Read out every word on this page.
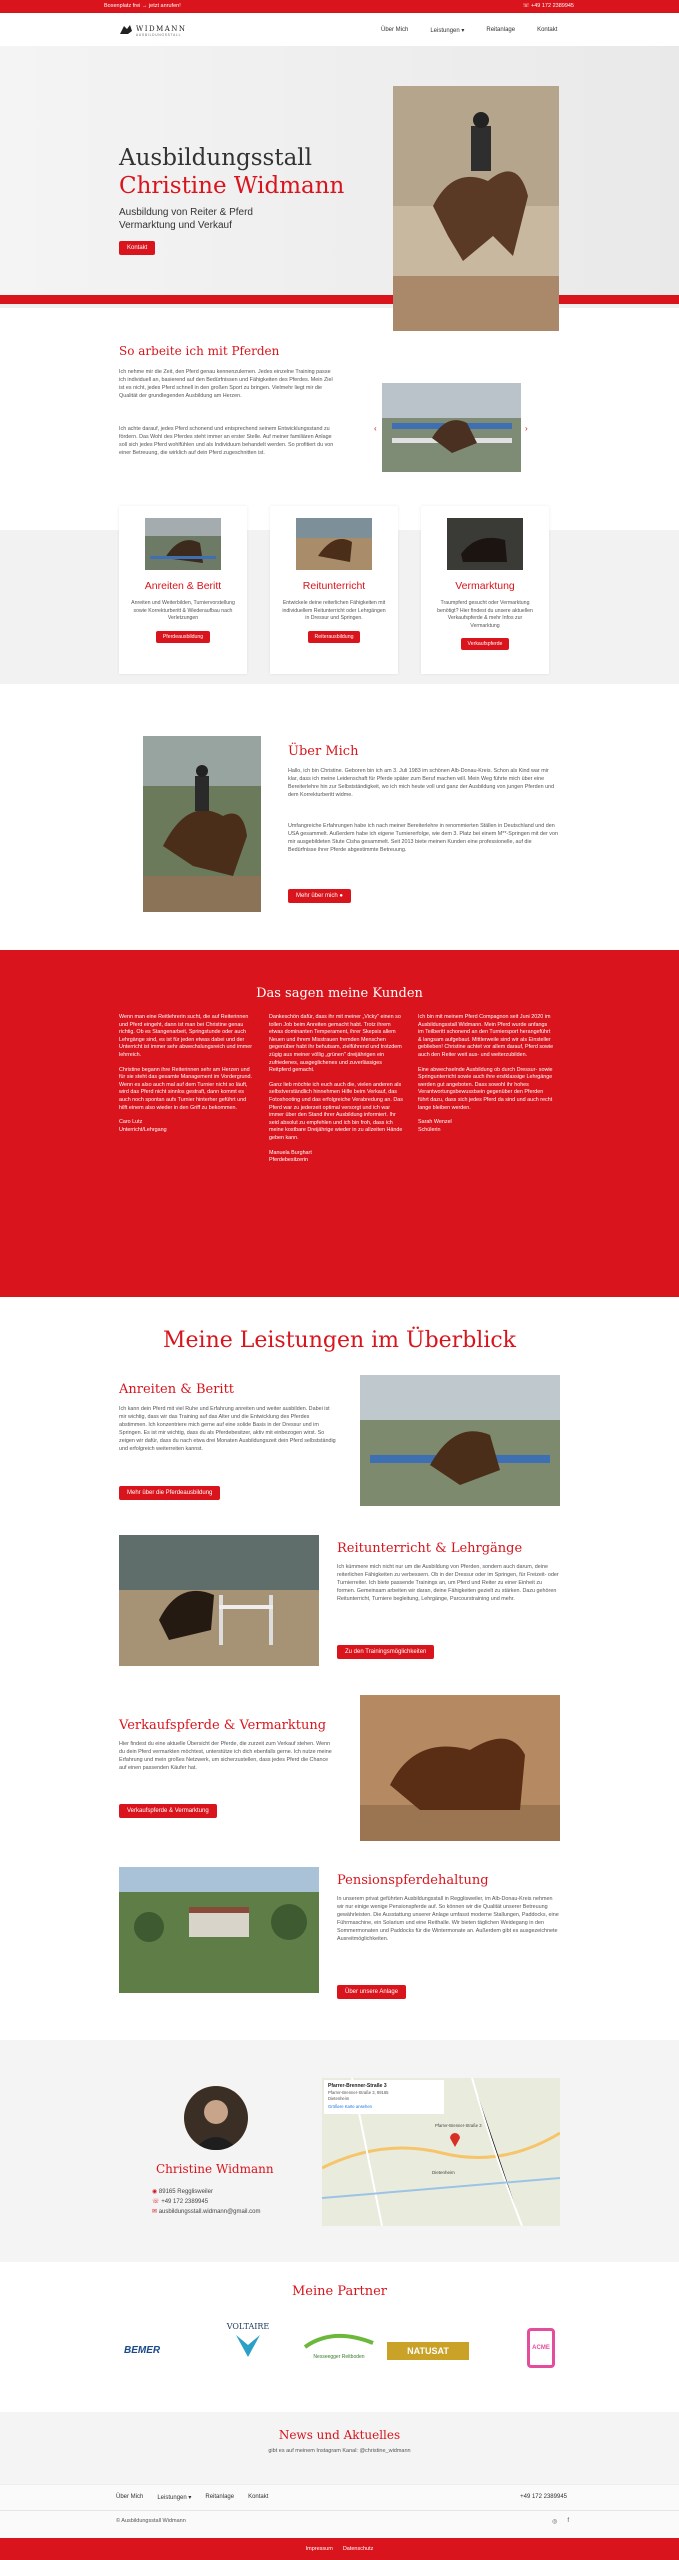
Boxenplatz frei → jetzt anrufen!	☏ +49 172 2389945
WIDMANN
AUSBILDUNGSSTALL
Über Mich	Leistungen ▾	Reitanlage	Kontakt
Ausbildungsstall
Christine Widmann
Ausbildung von Reiter & Pferd
Vermarktung und Verkauf
Kontakt
So arbeite ich mit Pferden

Ich nehme mir die Zeit, den Pferd genau kennenzulernen. Jedes einzelne Training passe ich individuell an, basierend auf den Bedürfnissen und Fähigkeiten des Pferdes. Mein Ziel ist es nicht, jedes Pferd schnell in den großen Sport zu bringen. Vielmehr liegt mir die Qualität der grundlegenden Ausbildung am Herzen.

Ich achte darauf, jedes Pferd schonend und entsprechend seinem Entwicklungsstand zu fördern. Das Wohl des Pferdes steht immer an erster Stelle. Auf meiner familiären Anlage soll sich jedes Pferd wohlfühlen und als Individuum behandelt werden. So profitiert du von einer Betreuung, die wirklich auf dein Pferd zugeschnitten ist.

‹	›
Anreiten & Beritt
Anreiten und Weiterbilden, Turniervorstellung sowie Korrekturberitt & Wiederaufbau nach Verletzungen
Pferdeausbildung
Reitunterricht
Entwickele deine reiterlichen Fähigkeiten mit individuellem Reitunterricht oder Lehrgängen in Dressur und Springen.
Reiterausbildung
Vermarktung
Traumpferd gesucht oder Vermarktung benötigt? Hier findest du unsere aktuellen Verkaufspferde & mehr Infos zur Vermarktung
Verkaufspferde
Über Mich

Hallo, ich bin Christine. Geboren bin ich am 3. Juli 1983 im schönen Alb-Donau-Kreis. Schon als Kind war mir klar, dass ich meine Leidenschaft für Pferde später zum Beruf machen will. Mein Weg führte mich über eine Bereiterlehre hin zur Selbstständigkeit, wo ich mich heute voll und ganz der Ausbildung von jungen Pferden und dem Korrekturberitt widme.

Umfangreiche Erfahrungen habe ich nach meiner Bereiterlehre in renommierten Ställen in Deutschland und den USA gesammelt. Außerdem habe ich eigene Turniererfolge, wie dem 3. Platz bei einem M**-Springen mit der von mir ausgebildeten Stute Cisha gesammelt. Seit 2013 biete meinen Kunden eine professionelle, auf die Bedürfnisse ihrer Pferde abgestimmte Betreuung.

Mehr über mich ●
Das sagen meine Kunden

Wenn man eine Reitlehrerin sucht, die auf Reiterinnen und Pferd eingeht, dann ist man bei Christine genau richtig. Ob es Stangenarbeit, Springstunde oder auch Lehrgänge sind, es ist für jeden etwas dabei und der Unterricht ist immer sehr abwechslungsreich und immer lehrreich.

Christine begann ihre Reiterinnen sehr am Herzen und für sie steht das gesamte Management im Vordergrund. Wenn es also auch mal auf dem Turnier nicht so läuft, wird das Pferd nicht sinnlos gestraft, dann kommt es auch noch spontan aufs Turnier hinterher geführt und hilft einem also wieder in den Griff zu bekommen.

Caro Lutz
Unterricht/Lehrgang

Dankeschön dafür, dass ihr mit meiner „Vicky" einen so tollen Job beim Anreiten gemacht habt. Trotz ihrem etwas dominanten Temperament, ihrer Skepsis allem Neuen und ihrem Misstrauen fremden Menschen gegenüber habt ihr behutsam, zielführend und trotzdem zügig aus meiner völlig „grünen" dreijährigen ein zufriedenes, ausgeglichenes und zuverlässiges Reitpferd gemacht.

Ganz lieb möchte ich euch auch die, vielen anderen als selbstverständlich hinnehmen Hilfe beim Verkauf, das Fotoshooting und das erfolgreiche Verabredung an. Das Pferd war zu jederzeit optimal versorgt und ich war immer über den Stand ihrer Ausbildung informiert. Ihr seid absolut zu empfehlen und ich bin froh, dass ich meine kostbare Dreijährige wieder in zu allzeiten Hände geben kann.

Manuela Burghart
Pferdebesitzerin

Ich bin mit meinem Pferd Compagnon seit Juni 2020 im Ausbildungsstall Widmann. Mein Pferd wurde anfangs im Teilberitt schonend an den Turniersport herangeführt & langsam aufgebaut. Mittlerweile sind wir als Einsteller geblieben! Christine achtet vor allem darauf, Pferd sowie auch den Reiter weit aus- und weiterzubilden.

Eine abwechselnde Ausbildung ob durch Dressur- sowie Springunterricht sowie auch ihre erstklassige Lehrgänge werden gut angeboten. Dass sowohl ihr hohes Verantwortungsbewusstsein gegenüber den Pferden führt dazu, dass sich jedes Pferd da sind und auch recht lange bleiben werden.

Sarah Wenzel
Schülerin
Meine Leistungen im Überblick
Anreiten & Beritt

Ich kann dein Pferd mit viel Ruhe und Erfahrung anreiten und weiter ausbilden. Dabei ist mir wichtig, dass wir das Training auf das Alter und die Entwicklung des Pferdes abstimmen. Ich konzentriere mich gerne auf eine solide Basis in der Dressur und im Springen. Es ist mir wichtig, dass du als Pferdebesitzer, aktiv mit einbezogen wirst. So zeigen wir dafür, dass du nach etwa drei Monaten Ausbildungszeit dein Pferd selbstständig und erfolgreich weiterreiten kannst.

Mehr über die Pferdeausbildung
Reitunterricht & Lehrgänge

Ich kümmere mich nicht nur um die Ausbildung von Pferden, sondern auch darum, deine reiterlichen Fähigkeiten zu verbessern. Ob in der Dressur oder im Springen, für Freizeit- oder Turnierreiter. Ich biete passende Trainings an, um Pferd und Reiter zu einer Einheit zu formen. Gemeinsam arbeiten wir daran, deine Fähigkeiten gezielt zu stärken. Dazu gehören Reitunterricht, Turniere begleitung, Lehrgänge, Parcourstraining und mehr.

Zu den Trainingsmöglichkeiten
Verkaufspferde & Vermarktung

Hier findest du eine aktuelle Übersicht der Pferde, die zurzeit zum Verkauf stehen. Wenn du dein Pferd vermarkten möchtest, unterstütze ich dich ebenfalls gerne. Ich nutze meine Erfahrung und mein großes Netzwerk, um sicherzustellen, dass jedes Pferd die Chance auf einen passenden Käufer hat.

Verkaufspferde & Vermarktung
Pensionspferdehaltung

In unserem privat geführten Ausbildungsstall in Regglisweiler, im Alb-Donau-Kreis nehmen wir nur einige wenige Pensionspferde auf. So können wir die Qualität unserer Betreuung gewährleisten. Die Ausstattung unserer Anlage umfasst moderne Stallungen, Paddocks, eine Führmaschine, ein Solarium und eine Reithalle. Wir bieten täglichen Weidegang in den Sommermonaten und Paddocks für die Wintermonate an. Außerdem gibt es ausgezeichnete Ausreitmöglichkeiten.

Über unsere Anlage
Christine Widmann
◉ 89165 Regglisweiler
☏ +49 172 2389945
✉ ausbildungsstall.widmann@gmail.com
Pfarrer-Brenner-Straße 3
Pfarrer-Brenner-Straße 3, 89165
Dietenheim
Größere Karte ansehen
Pfarrer-Brenner-Straße 3
Dietenheim
Meine Partner
BEMER
VOLTAIRE
Nesseegger Reitboden
NATUSAT	ACME
News und Aktuelles
gibt es auf meinem Instagram Kanal: @christine_widmann
Über Mich Leistungen ▾ Reitanlage Kontakt	+49 172 2389945
© Ausbildungsstall Widmann	◎ f
Impressum Datenschutz
